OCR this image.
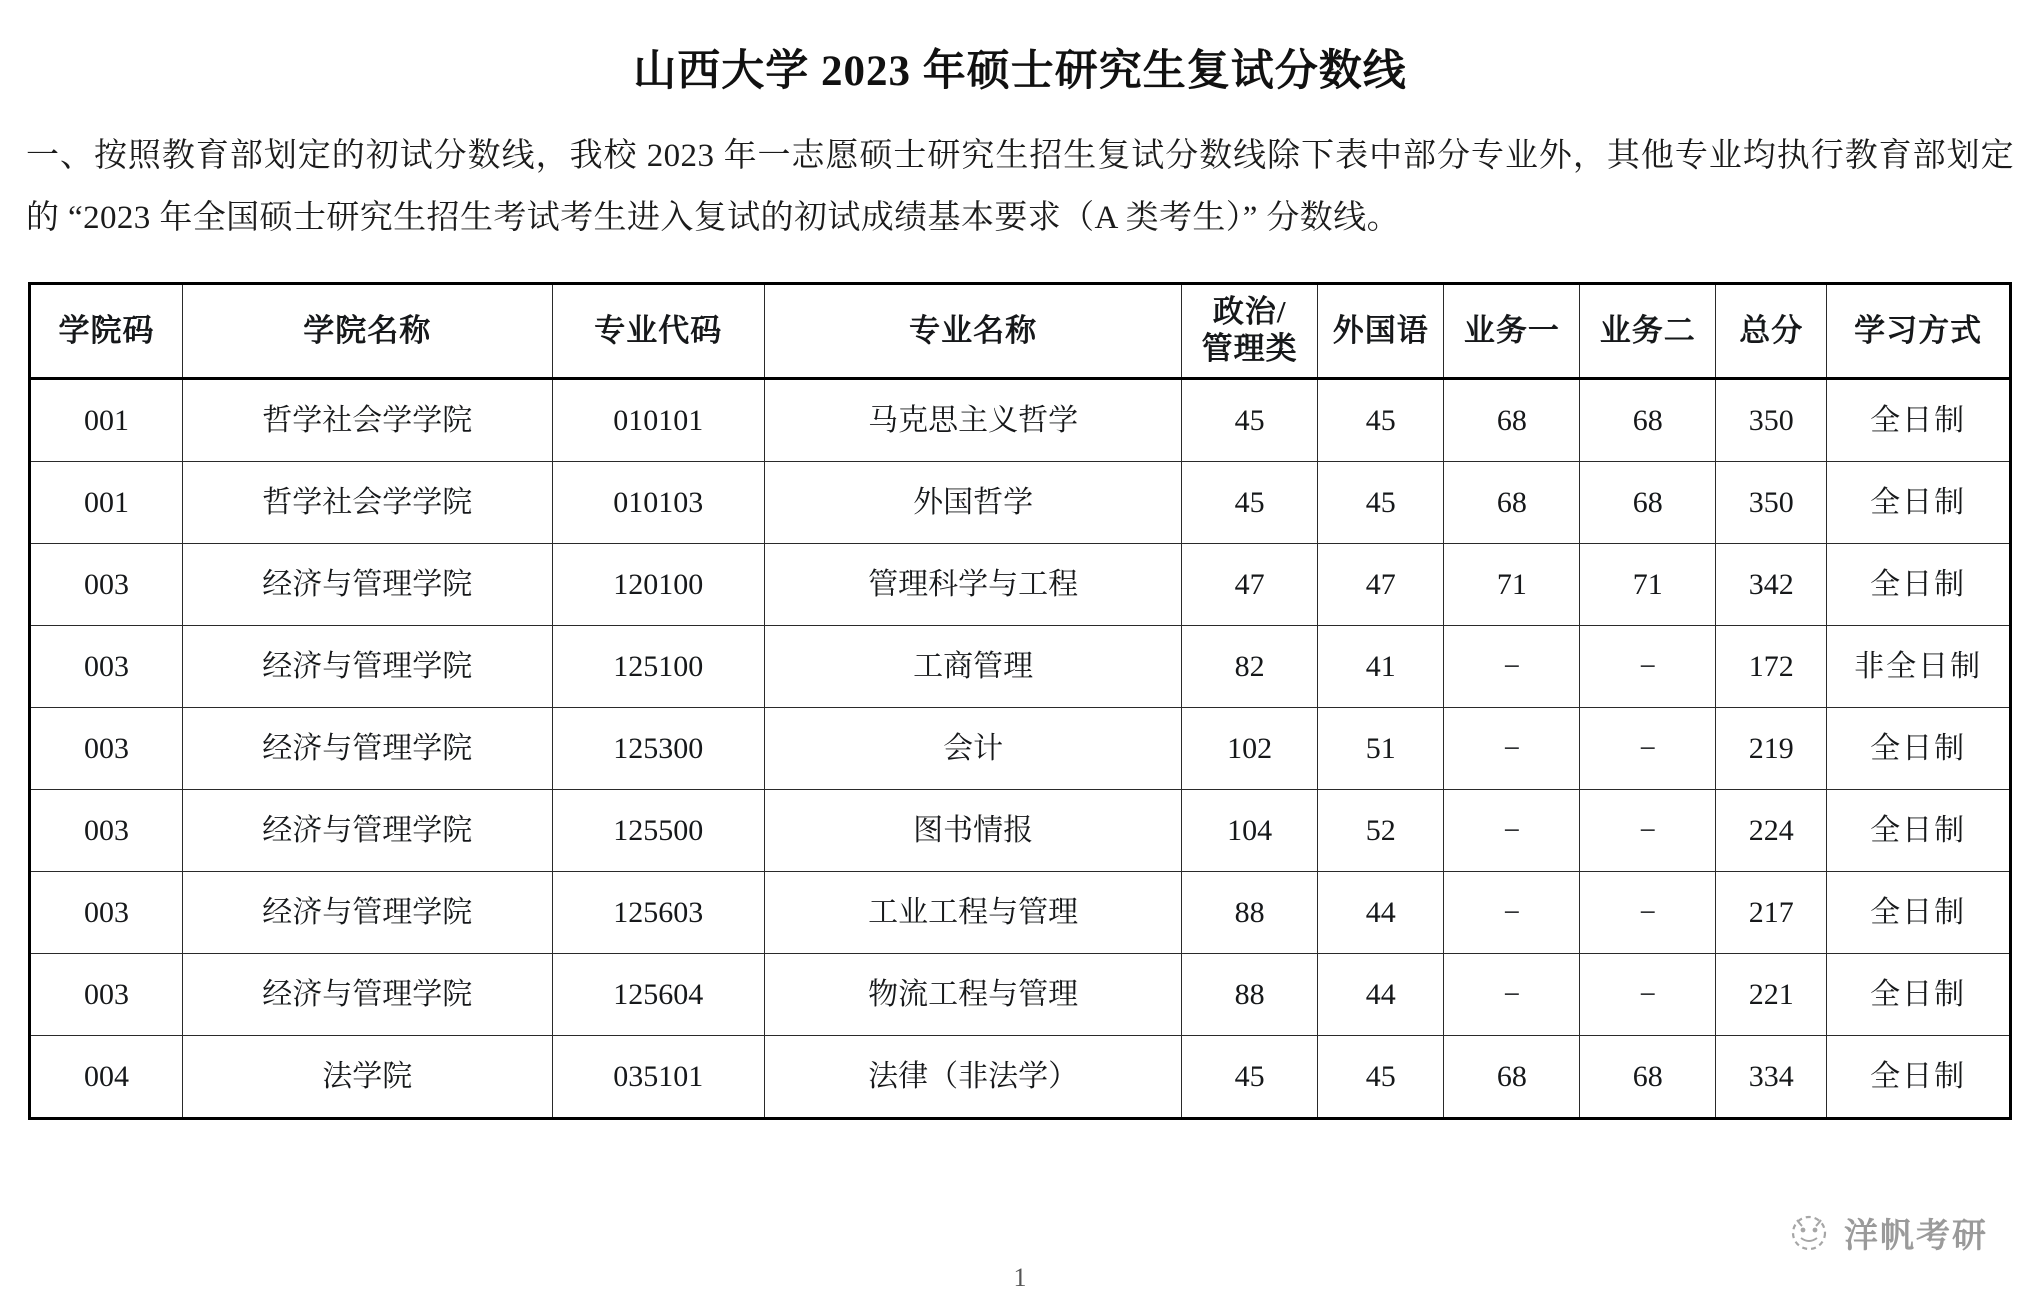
山西大学 2023 年硕士研究生复试分数线

一、按照教育部划定的初试分数线，我校 2023 年一志愿硕士研究生招生复试分数线除下表中部分专业外，其他专业均执行教育部划定的 “2023 年全国硕士研究生招生考试考生进入复试的初试成绩基本要求（A 类考生）” 分数线。

学院码	学院名称	专业代码	专业名称	政治/
管理类	外国语	业务一	业务二	总分	学习方式
001	哲学社会学学院	010101	马克思主义哲学	45	45	68	68	350	全日制
001	哲学社会学学院	010103	外国哲学	45	45	68	68	350	全日制
003	经济与管理学院	120100	管理科学与工程	47	47	71	71	342	全日制
003	经济与管理学院	125100	工商管理	82	41	−	−	172	非全日制
003	经济与管理学院	125300	会计	102	51	−	−	219	全日制
003	经济与管理学院	125500	图书情报	104	52	−	−	224	全日制
003	经济与管理学院	125603	工业工程与管理	88	44	−	−	217	全日制
003	经济与管理学院	125604	物流工程与管理	88	44	−	−	221	全日制
004	法学院	035101	法律（非法学）	45	45	68	68	334	全日制
洋帆考研
1
